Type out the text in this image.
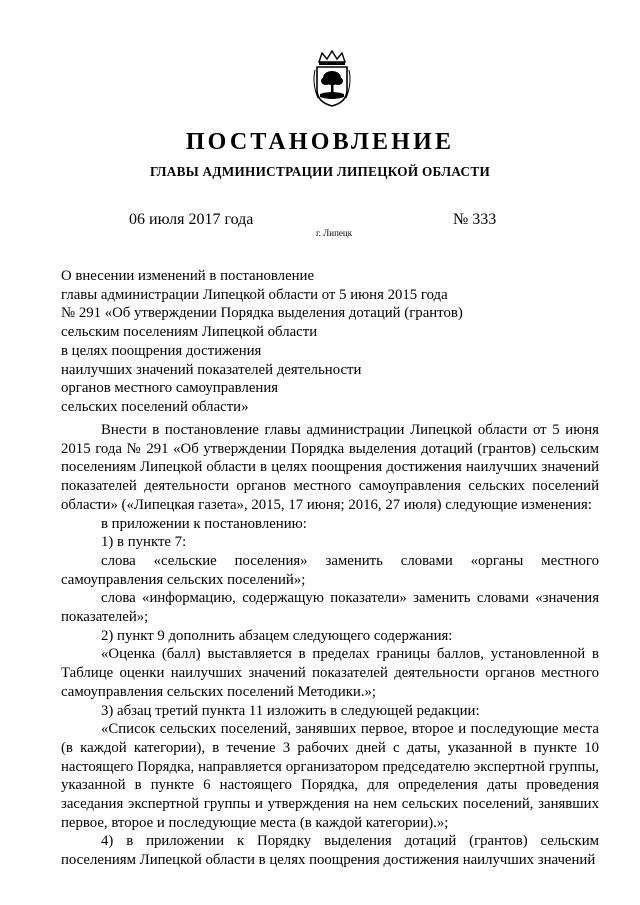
ПОСТАНОВЛЕНИЕ
ГЛАВЫ АДМИНИСТРАЦИИ ЛИПЕЦКОЙ ОБЛАСТИ
06 июля 2017 года
г. Липецк
№ 333
О внесении изменений в постановление
главы администрации Липецкой области от 5 июня 2015 года
№ 291 «Об утверждении Порядка выделения дотаций (грантов)
сельским поселениям Липецкой области
в целях поощрения достижения
наилучших значений показателей деятельности
органов местного самоуправления
сельских поселений области»

Внести в постановление главы администрации Липецкой области от 5 июня 2015 года № 291 «Об утверждении Порядка выделения дотаций (грантов) сельским поселениям Липецкой области в целях поощрения достижения наилучших значений показателей деятельности органов местного самоуправления сельских поселений области» («Липецкая газета», 2015, 17 июня; 2016, 27 июля) следующие изменения:

в приложении к постановлению:

1) в пункте 7:

слова «сельские поселения» заменить словами «органы местного самоуправления сельских поселений»;

слова «информацию, содержащую показатели» заменить словами «значения показателей»;

2) пункт 9 дополнить абзацем следующего содержания:

«Оценка (балл) выставляется в пределах границы баллов, установленной в Таблице оценки наилучших значений показателей деятельности органов местного самоуправления сельских поселений Методики.»;

3) абзац третий пункта 11 изложить в следующей редакции:

«Список сельских поселений, занявших первое, второе и последующие места (в каждой категории), в течение 3 рабочих дней с даты, указанной в пункте 10 настоящего Порядка, направляется организатором председателю экспертной группы, указанной в пункте 6 настоящего Порядка, для определения даты проведения заседания экспертной группы и утверждения на нем сельских поселений, занявших первое, второе и последующие места (в каждой категории).»;

4) в приложении к Порядку выделения дотаций (грантов) сельским поселениям Липецкой области в целях поощрения достижения наилучших значений
